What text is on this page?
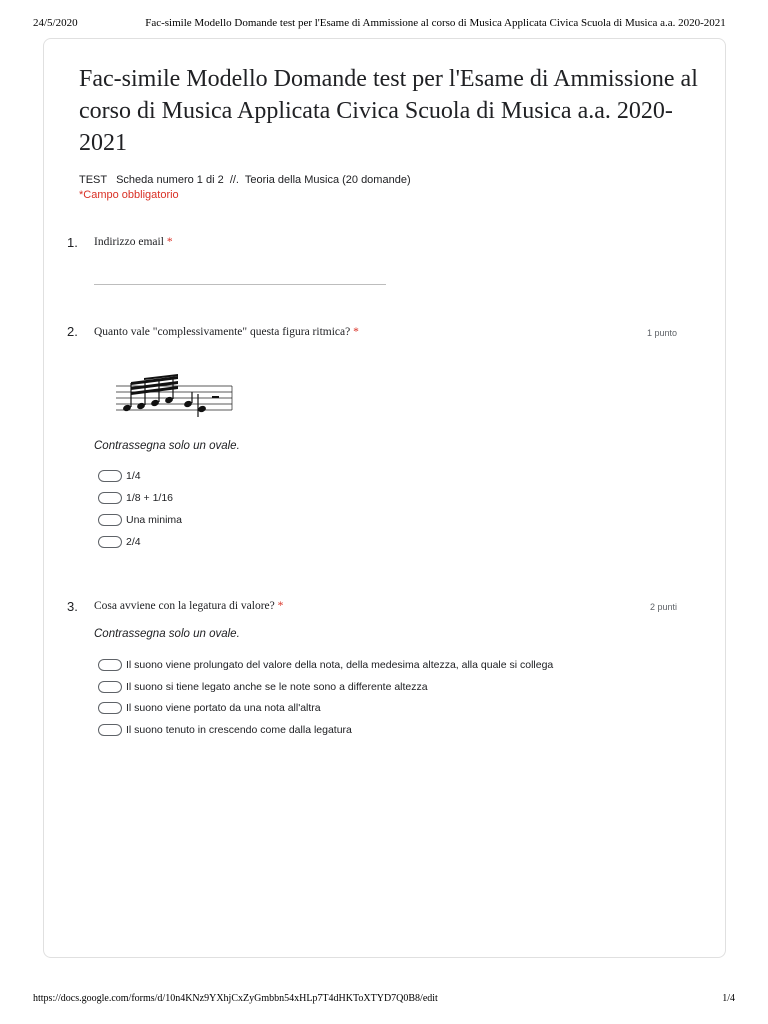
24/5/2020	Fac-simile Modello Domande test per l'Esame di Ammissione al corso di Musica Applicata Civica Scuola di Musica a.a. 2020-2021
Fac-simile Modello Domande test per l'Esame di Ammissione al corso di Musica Applicata Civica Scuola di Musica a.a. 2020-2021
TEST   Scheda numero 1 di 2  //.  Teoria della Musica (20 domande)
*Campo obbligatorio
1. Indirizzo email *
2. Quanto vale "complessivamente" questa figura ritmica? *	1 punto
Contrassegna solo un ovale.
1/4
1/8 + 1/16
Una minima
2/4
3. Cosa avviene con la legatura di valore? *	2 punti
Contrassegna solo un ovale.
Il suono viene prolungato del valore della nota, della medesima altezza, alla quale si collega
Il suono si tiene legato anche se le note sono a differente altezza
Il suono viene portato da una nota all'altra
Il suono tenuto in crescendo come dalla legatura
https://docs.google.com/forms/d/10n4KNz9YXhjCxZyGmbbn54xHLp7T4dHKToXTYD7Q0B8/edit	1/4
